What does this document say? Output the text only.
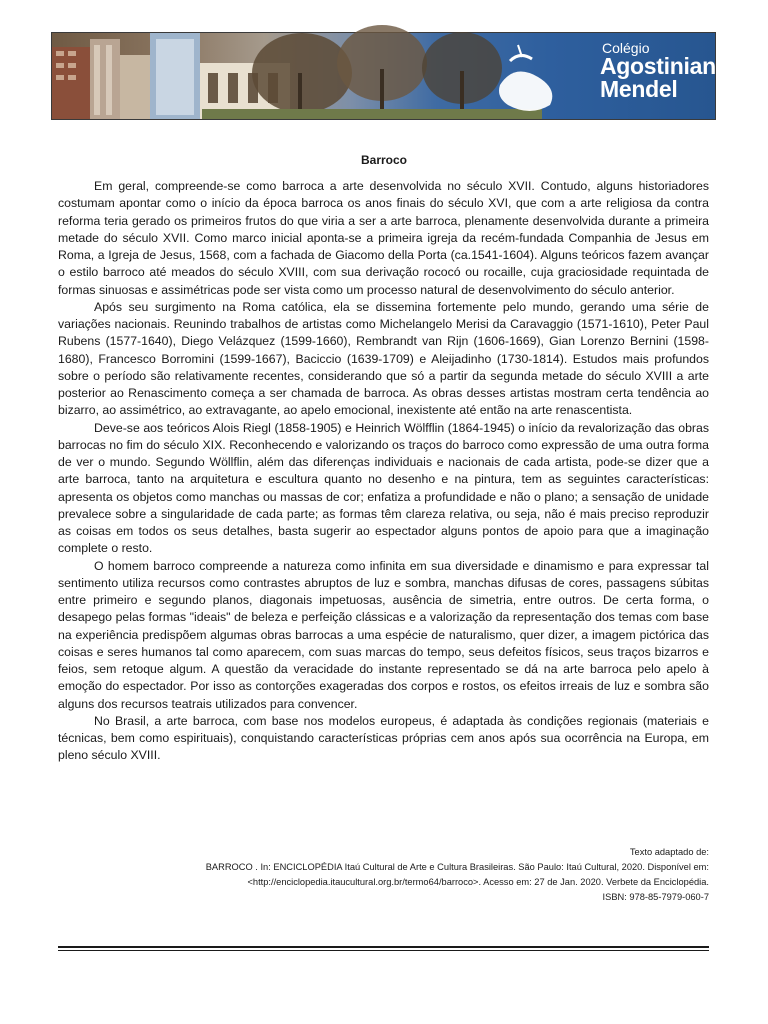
Colégio
Agostiniano
Mendel
Barroco

Em geral, compreende-se como barroca a arte desenvolvida no século XVII. Contudo, alguns historiadores costumam apontar como o início da época barroca os anos finais do século XVI, que com a arte religiosa da contra reforma teria gerado os primeiros frutos do que viria a ser a arte barroca, plenamente desenvolvida durante a primeira metade do século XVII. Como marco inicial aponta-se a primeira igreja da recém-fundada Companhia de Jesus em Roma, a Igreja de Jesus, 1568, com a fachada de Giacomo della Porta (ca.1541-1604). Alguns teóricos fazem avançar o estilo barroco até meados do século XVIII, com sua derivação rococó ou rocaille, cuja graciosidade requintada de formas sinuosas e assimétricas pode ser vista como um processo natural de desenvolvimento do século anterior.

Após seu surgimento na Roma católica, ela se dissemina fortemente pelo mundo, gerando uma série de variações nacionais. Reunindo trabalhos de artistas como Michelangelo Merisi da Caravaggio (1571-1610), Peter Paul Rubens (1577-1640), Diego Velázquez (1599-1660), Rembrandt van Rijn (1606-1669), Gian Lorenzo Bernini (1598-1680), Francesco Borromini (1599-1667), Baciccio (1639-1709) e Aleijadinho (1730-1814). Estudos mais profundos sobre o período são relativamente recentes, considerando que só a partir da segunda metade do século XVIII a arte posterior ao Renascimento começa a ser chamada de barroca. As obras desses artistas mostram certa tendência ao bizarro, ao assimétrico, ao extravagante, ao apelo emocional, inexistente até então na arte renascentista.

Deve-se aos teóricos Alois Riegl (1858-1905) e Heinrich Wölfflin (1864-1945) o início da revalorização das obras barrocas no fim do século XIX. Reconhecendo e valorizando os traços do barroco como expressão de uma outra forma de ver o mundo. Segundo Wöllflin, além das diferenças individuais e nacionais de cada artista, pode-se dizer que a arte barroca, tanto na arquitetura e escultura quanto no desenho e na pintura, tem as seguintes características: apresenta os objetos como manchas ou massas de cor; enfatiza a profundidade e não o plano; a sensação de unidade prevalece sobre a singularidade de cada parte; as formas têm clareza relativa, ou seja, não é mais preciso reproduzir as coisas em todos os seus detalhes, basta sugerir ao espectador alguns pontos de apoio para que a imaginação complete o resto.

O homem barroco compreende a natureza como infinita em sua diversidade e dinamismo e para expressar tal sentimento utiliza recursos como contrastes abruptos de luz e sombra, manchas difusas de cores, passagens súbitas entre primeiro e segundo planos, diagonais impetuosas, ausência de simetria, entre outros. De certa forma, o desapego pelas formas "ideais" de beleza e perfeição clássicas e a valorização da representação dos temas com base na experiência predispõem algumas obras barrocas a uma espécie de naturalismo, quer dizer, a imagem pictórica das coisas e seres humanos tal como aparecem, com suas marcas do tempo, seus defeitos físicos, seus traços bizarros e feios, sem retoque algum. A questão da veracidade do instante representado se dá na arte barroca pelo apelo à emoção do espectador. Por isso as contorções exageradas dos corpos e rostos, os efeitos irreais de luz e sombra são alguns dos recursos teatrais utilizados para convencer.

No Brasil, a arte barroca, com base nos modelos europeus, é adaptada às condições regionais (materiais e técnicas, bem como espirituais), conquistando características próprias cem anos após sua ocorrência na Europa, em pleno século XVIII.

Texto adaptado de:
BARROCO . In: ENCICLOPÉDIA Itaú Cultural de Arte e Cultura Brasileiras. São Paulo: Itaú Cultural, 2020. Disponível em:
<http://enciclopedia.itaucultural.org.br/termo64/barroco>. Acesso em: 27 de Jan. 2020. Verbete da Enciclopédia.
ISBN: 978-85-7979-060-7
